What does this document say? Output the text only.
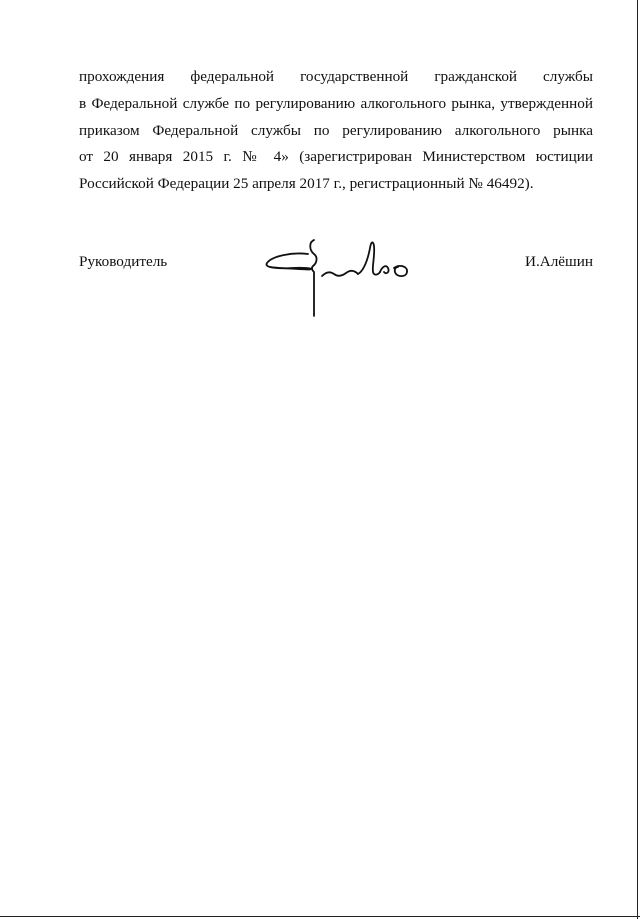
прохождения федеральной государственной гражданской службы
в Федеральной службе по регулированию алкогольного рынка, утвержденной
приказом Федеральной службы по регулированию алкогольного рынка
от 20 января 2015 г. № 4» (зарегистрирован Министерством юстиции
Российской Федерации 25 апреля 2017 г., регистрационный № 46492).
Руководитель	И.Алёшин
